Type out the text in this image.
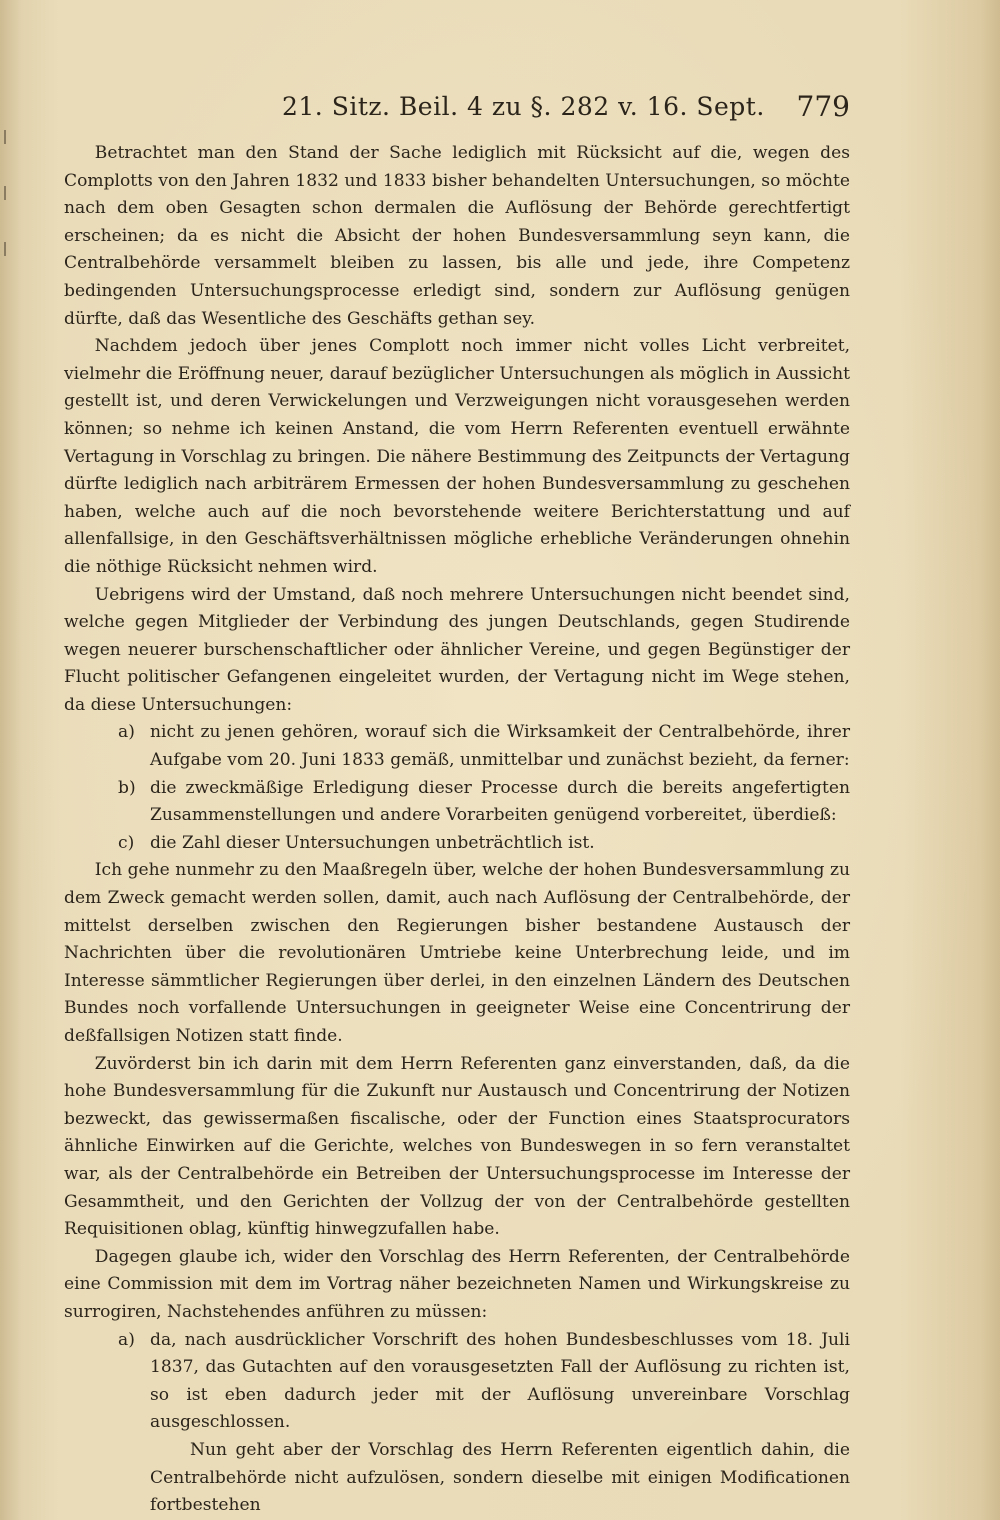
21. Sitz. Beil. 4 zu §. 282 v. 16. Sept. 779

Betrachtet man den Stand der Sache lediglich mit Rücksicht auf die, wegen des Complotts von den Jahren 1832 und 1833 bisher behandelten Untersuchungen, so möchte nach dem oben Gesagten schon dermalen die Auflösung der Behörde gerechtfertigt erscheinen; da es nicht die Absicht der hohen Bundesversammlung seyn kann, die Centralbehörde versammelt bleiben zu lassen, bis alle und jede, ihre Competenz bedingenden Untersuchungsprocesse erledigt sind, sondern zur Auflösung genügen dürfte, daß das Wesentliche des Geschäfts gethan sey.

Nachdem jedoch über jenes Complott noch immer nicht volles Licht verbreitet, vielmehr die Eröffnung neuer, darauf bezüglicher Untersuchungen als möglich in Aussicht gestellt ist, und deren Verwickelungen und Verzweigungen nicht vorausgesehen werden können; so nehme ich keinen Anstand, die vom Herrn Referenten eventuell erwähnte Vertagung in Vorschlag zu bringen. Die nähere Bestimmung des Zeitpuncts der Vertagung dürfte lediglich nach arbiträrem Ermessen der hohen Bundesversammlung zu geschehen haben, welche auch auf die noch bevorstehende weitere Berichterstattung und auf allenfallsige, in den Geschäftsverhältnissen mögliche erhebliche Veränderungen ohnehin die nöthige Rücksicht nehmen wird.

Uebrigens wird der Umstand, daß noch mehrere Untersuchungen nicht beendet sind, welche gegen Mitglieder der Verbindung des jungen Deutschlands, gegen Studirende wegen neuerer burschenschaftlicher oder ähnlicher Vereine, und gegen Begünstiger der Flucht politischer Gefangenen eingeleitet wurden, der Vertagung nicht im Wege stehen, da diese Untersuchungen:

a) nicht zu jenen gehören, worauf sich die Wirksamkeit der Centralbehörde, ihrer Aufgabe vom 20. Juni 1833 gemäß, unmittelbar und zunächst bezieht, da ferner:

b) die zweckmäßige Erledigung dieser Processe durch die bereits angefertigten Zusammenstellungen und andere Vorarbeiten genügend vorbereitet, überdieß:

c) die Zahl dieser Untersuchungen unbeträchtlich ist.

Ich gehe nunmehr zu den Maaßregeln über, welche der hohen Bundesversammlung zu dem Zweck gemacht werden sollen, damit, auch nach Auflösung der Centralbehörde, der mittelst derselben zwischen den Regierungen bisher bestandene Austausch der Nachrichten über die revolutionären Umtriebe keine Unterbrechung leide, und im Interesse sämmtlicher Regierungen über derlei, in den einzelnen Ländern des Deutschen Bundes noch vorfallende Untersuchungen in geeigneter Weise eine Concentrirung der deßfallsigen Notizen statt finde.

Zuvörderst bin ich darin mit dem Herrn Referenten ganz einverstanden, daß, da die hohe Bundesversammlung für die Zukunft nur Austausch und Concentrirung der Notizen bezweckt, das gewissermaßen fiscalische, oder der Function eines Staatsprocurators ähnliche Einwirken auf die Gerichte, welches von Bundeswegen in so fern veranstaltet war, als der Centralbehörde ein Betreiben der Untersuchungsprocesse im Interesse der Gesammtheit, und den Gerichten der Vollzug der von der Centralbehörde gestellten Requisitionen oblag, künftig hinwegzufallen habe.

Dagegen glaube ich, wider den Vorschlag des Herrn Referenten, der Centralbehörde eine Commission mit dem im Vortrag näher bezeichneten Namen und Wirkungskreise zu surrogiren, Nachstehendes anführen zu müssen:

a) da, nach ausdrücklicher Vorschrift des hohen Bundesbeschlusses vom 18. Juli 1837, das Gutachten auf den vorausgesetzten Fall der Auflösung zu richten ist, so ist eben dadurch jeder mit der Auflösung unvereinbare Vorschlag ausgeschlossen.

Nun geht aber der Vorschlag des Herrn Referenten eigentlich dahin, die Centralbehörde nicht aufzulösen, sondern dieselbe mit einigen Modificationen fortbestehen
